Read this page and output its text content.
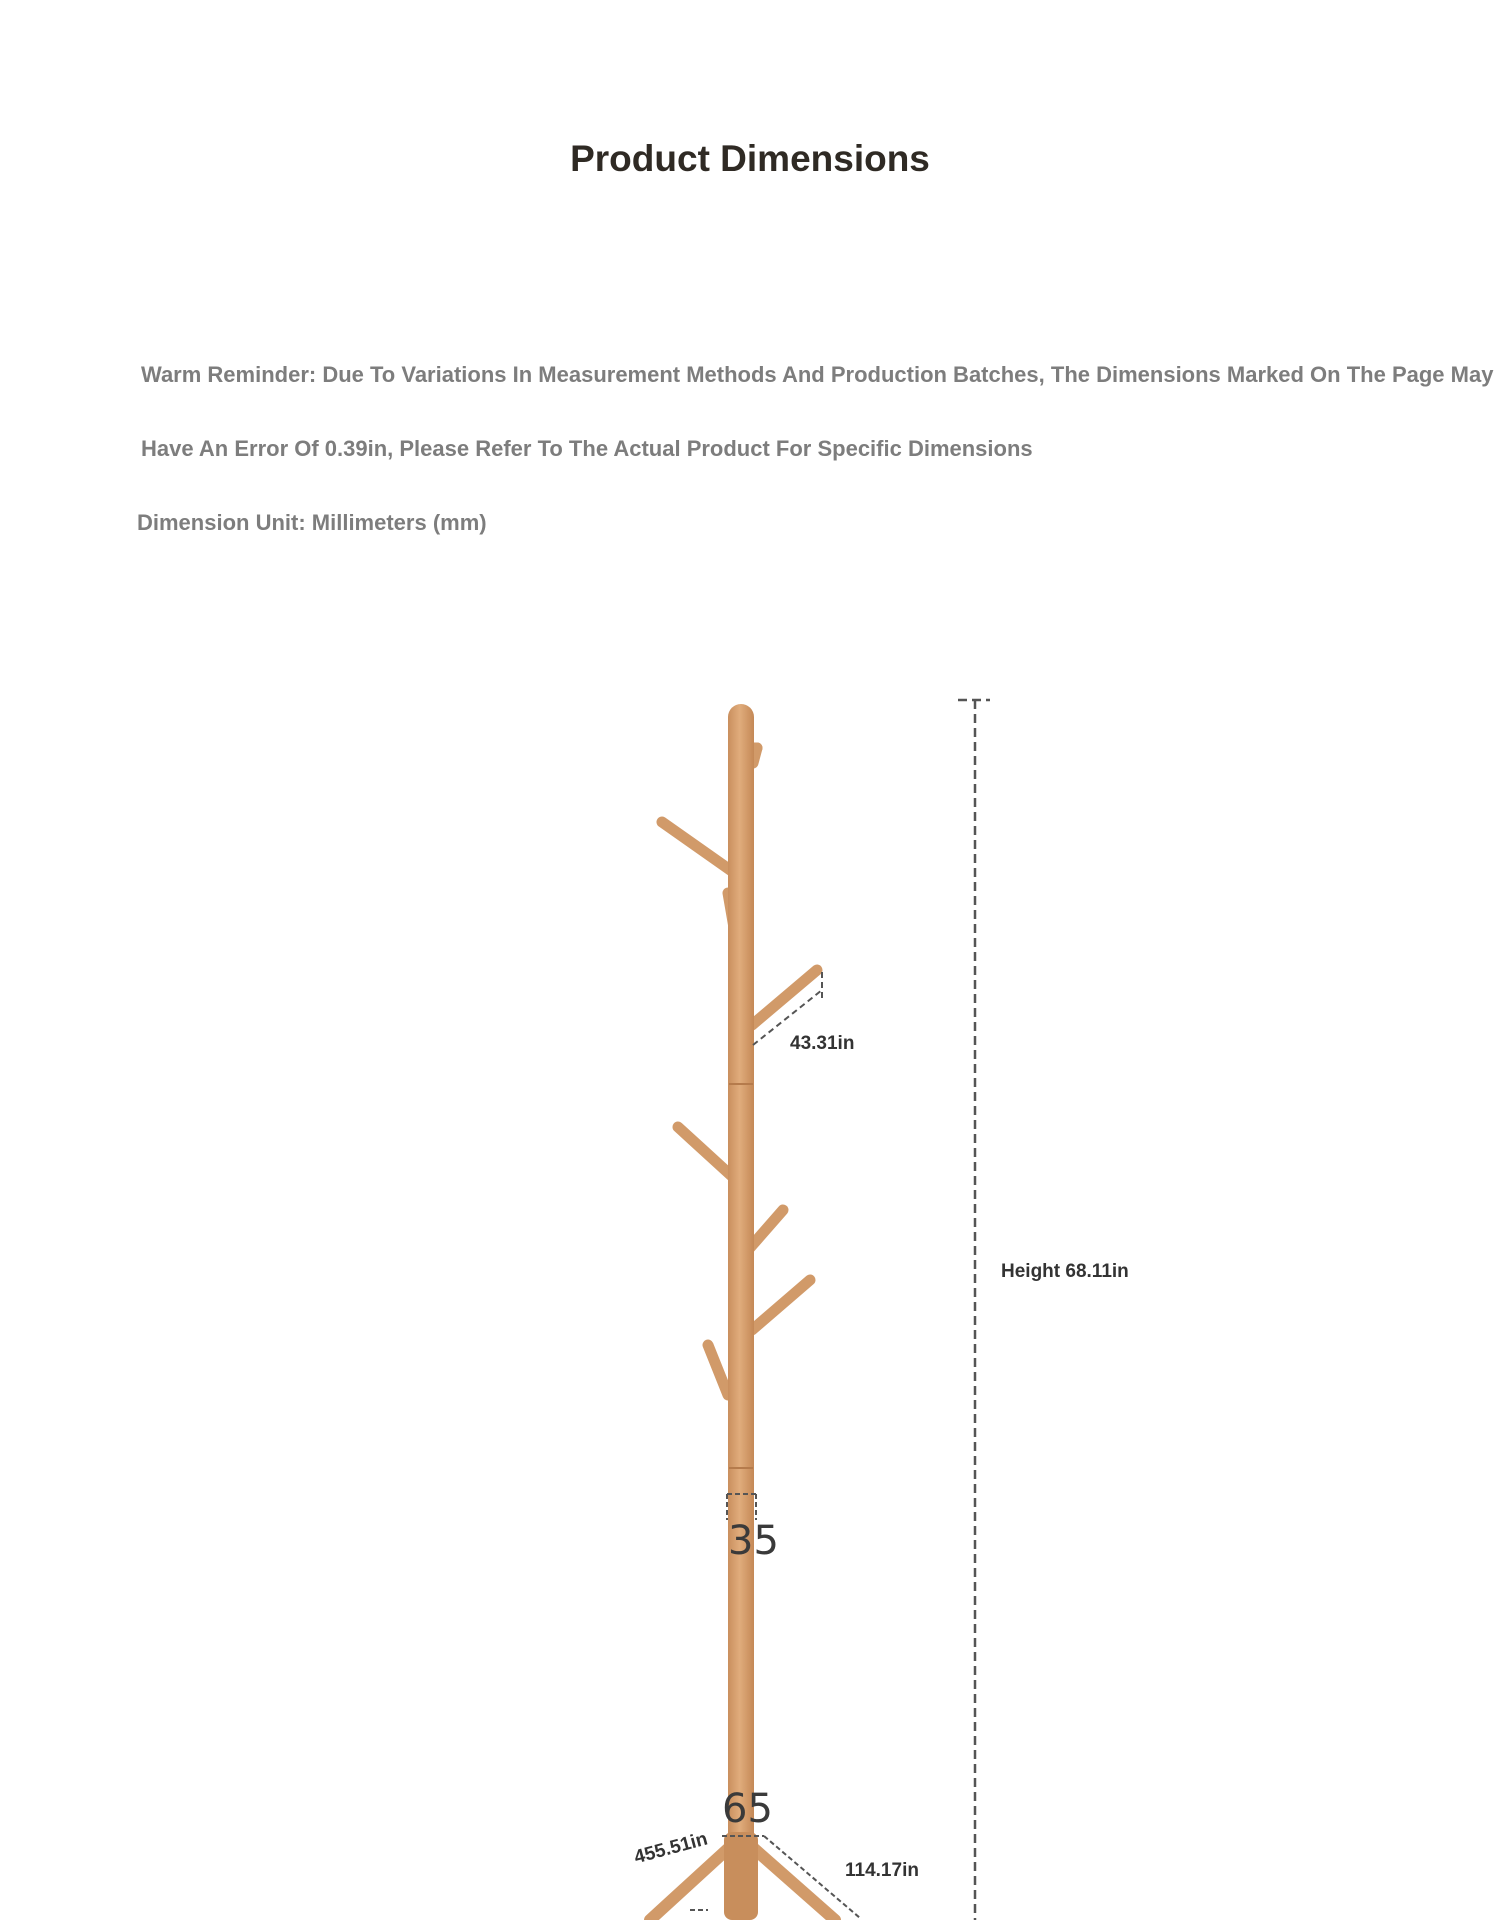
Product Dimensions
Warm Reminder: Due To Variations In Measurement Methods And Production Batches, The Dimensions Marked On The Page May
Have An Error Of 0.39in, Please Refer To The Actual Product For Specific Dimensions
Dimension Unit: Millimeters (mm)
43.31in
Height 68.11in
35
65
455.51in
114.17in
